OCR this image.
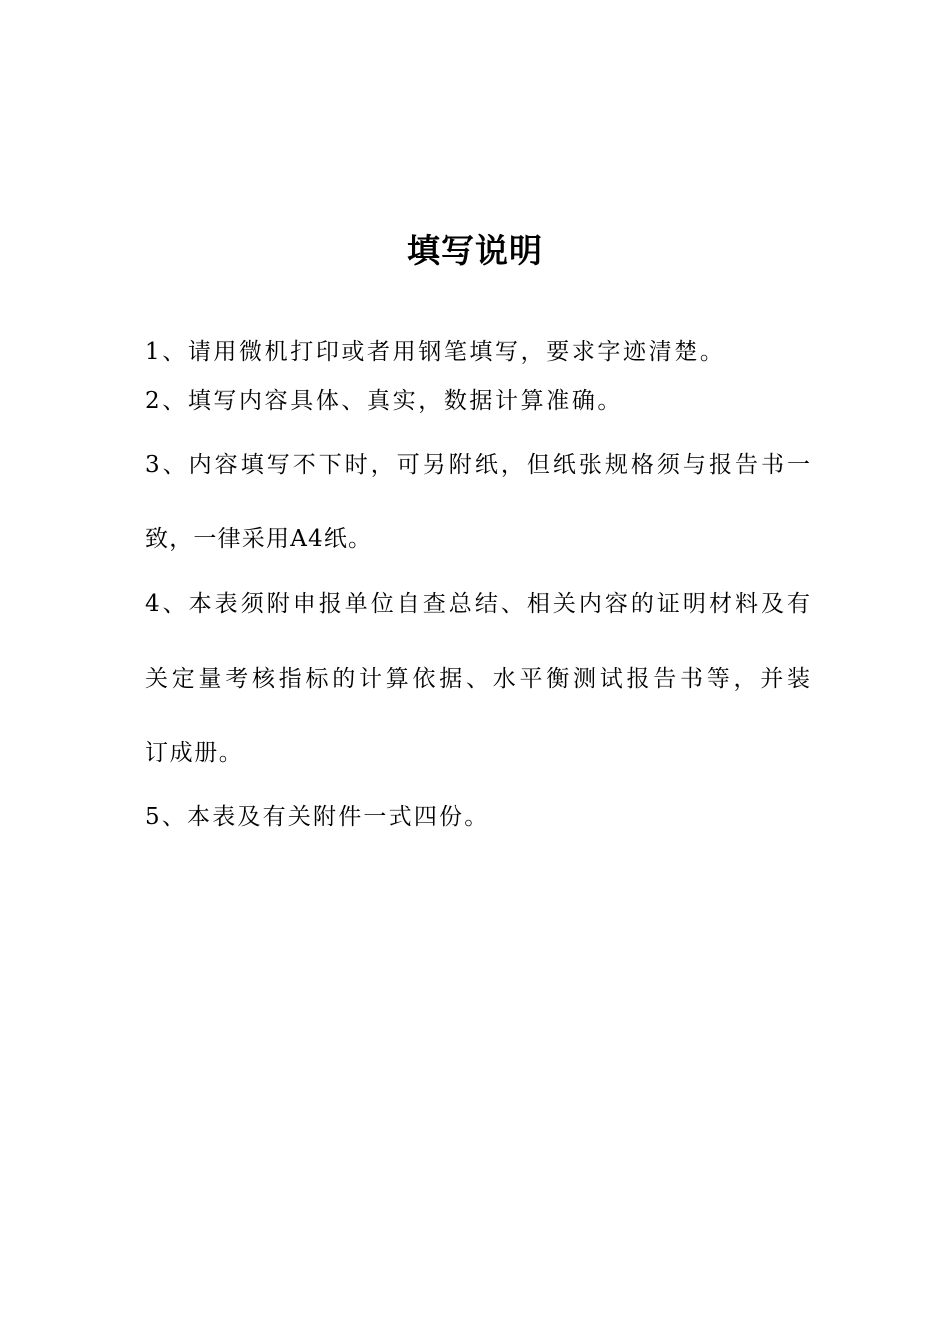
填写说明
1、请用微机打印或者用钢笔填写，要求字迹清楚。
2、填写内容具体、真实，数据计算准确。
3、内容填写不下时，可另附纸，但纸张规格须与报告书一
致，一律采用A4纸。
4、本表须附申报单位自查总结、相关内容的证明材料及有
关定量考核指标的计算依据、水平衡测试报告书等，并装
订成册。
5、本表及有关附件一式四份。
